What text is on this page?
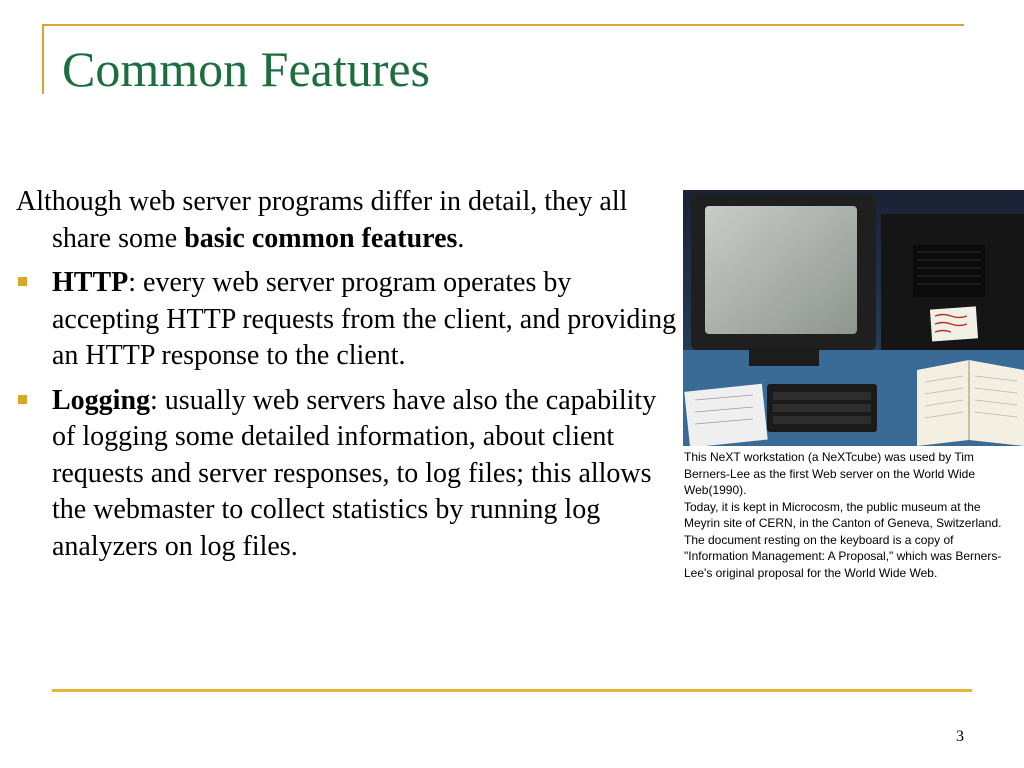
Common Features

Although web server programs differ in detail, they all share some basic common features.

HTTP: every web server program operates by accepting HTTP requests from the client, and providing an HTTP response to the client.

Logging: usually web servers have also the capability of logging some detailed information, about client requests and server responses, to log files; this allows the webmaster to collect statistics by running log analyzers on log files.

This NeXT workstation (a NeXTcube) was used by Tim Berners-Lee as the first Web server on the World Wide Web(1990).
Today, it is kept in Microcosm, the public museum at the Meyrin site of CERN, in the Canton of Geneva, Switzerland.
The document resting on the keyboard is a copy of "Information Management: A Proposal," which was Berners-Lee's original proposal for the World Wide Web.
3
